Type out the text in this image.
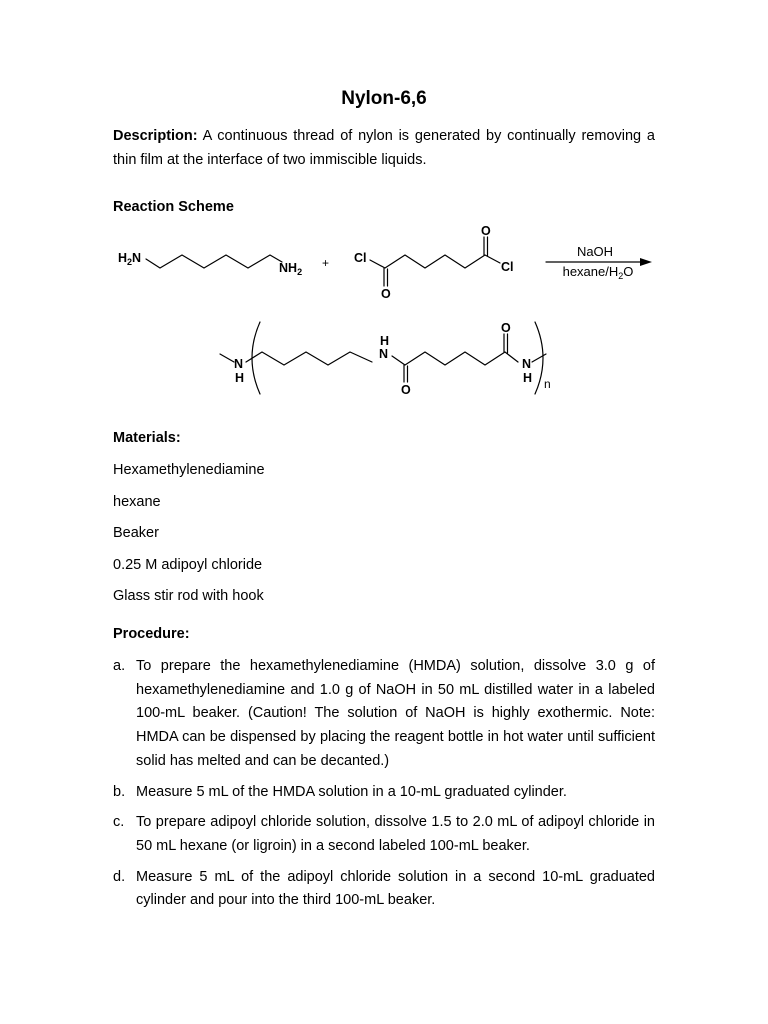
Nylon-6,6
Description: A continuous thread of nylon is generated by continually removing a thin film at the interface of two immiscible liquids.
Reaction Scheme
$H_2N$
$NH_2$
+ Cl
Cl
O
O
NaOH
hexane/$H_2O$
N
H
H
N
O
O
N
H n
Materials:
Hexamethylenediamine
hexane
Beaker
0.25 M adipoyl chloride
Glass stir rod with hook
Procedure:
a. To prepare the hexamethylenediamine (HMDA) solution, dissolve 3.0 g of hexamethylenediamine and 1.0 g of NaOH in 50 mL distilled water in a labeled 100-mL beaker. (Caution! The solution of NaOH is highly exothermic. Note: HMDA can be dispensed by placing the reagent bottle in hot water until sufficient solid has melted and can be decanted.)
b. Measure 5 mL of the HMDA solution in a 10-mL graduated cylinder.
c. To prepare adipoyl chloride solution, dissolve 1.5 to 2.0 mL of adipoyl chloride in 50 mL hexane (or ligroin) in a second labeled 100-mL beaker.
d. Measure 5 mL of the adipoyl chloride solution in a second 10-mL graduated cylinder and pour into the third 100-mL beaker.
